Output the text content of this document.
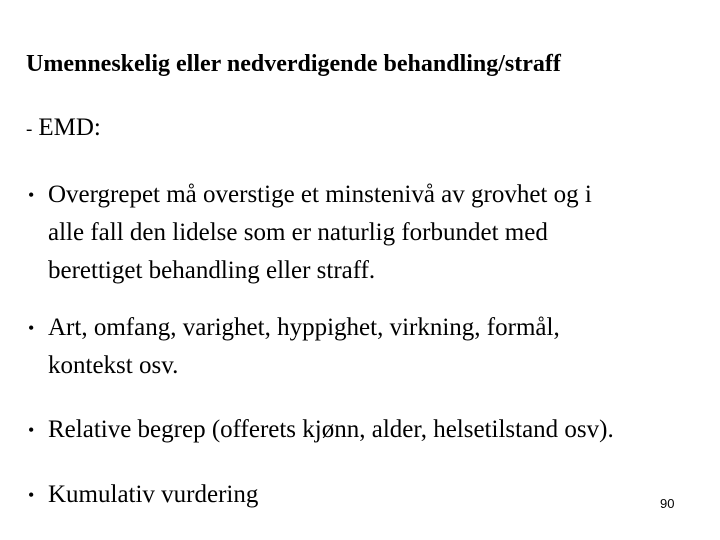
Umenneskelig eller nedverdigende behandling/straff
- EMD:
• Overgrepet må overstige et minstenivå av grovhet og i
alle fall den lidelse som er naturlig forbundet med
berettiget behandling eller straff.
• Art, omfang, varighet, hyppighet, virkning, formål,
kontekst osv.
• Relative begrep (offerets kjønn, alder, helsetilstand osv).
• Kumulativ vurdering	90
